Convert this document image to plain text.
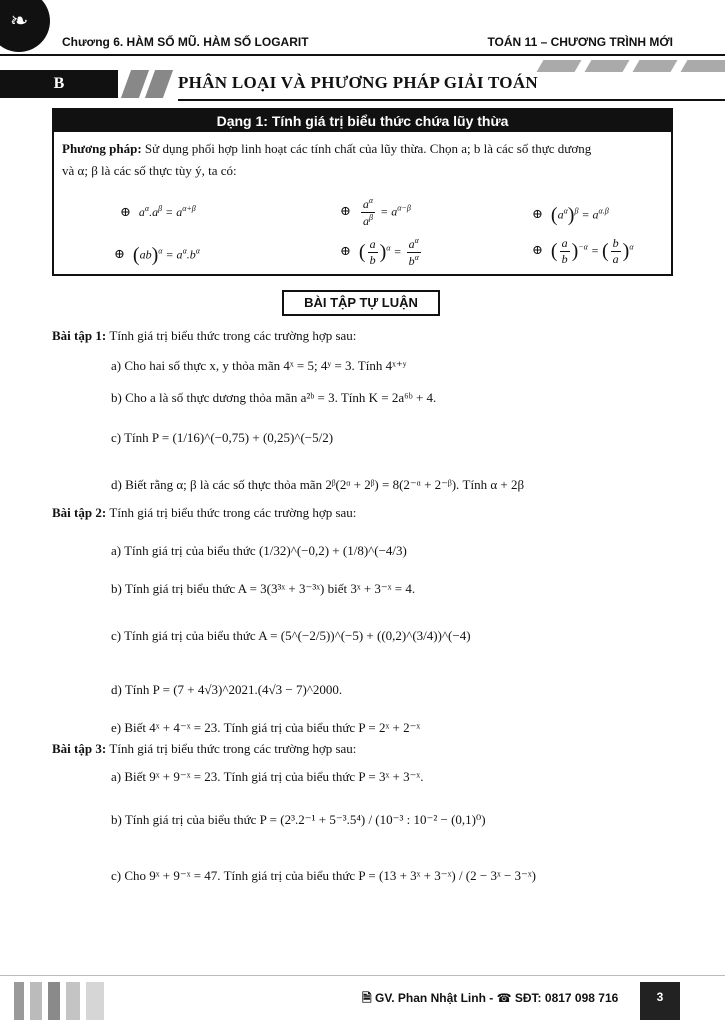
❧
Chương 6. HÀM SỐ MŨ. HÀM SỐ LOGARIT	TOÁN 11 – CHƯƠNG TRÌNH MỚI
B	PHÂN LOẠI VÀ PHƯƠNG PHÁP GIẢI TOÁN
Dạng 1: Tính giá trị biểu thức chứa lũy thừa
Phương pháp: Sử dụng phối hợp linh hoạt các tính chất của lũy thừa. Chọn a; b là các số thực dương
và α; β là các số thực tùy ý, ta có:
⊕ $a^\alpha.a^\beta = a^{\alpha+\beta}$	⊕ $\frac{a^\alpha}{a^\beta} = a^{\alpha-\beta}$	⊕ $(a^\alpha)^\beta = a^{\alpha.\beta}$
⊕ $(ab)^\alpha = a^\alpha.b^\alpha$	⊕ ( $\frac{a}{b} )^\alpha = \frac{a^\alpha}{b^\alpha}$	⊕ ( $\frac{a}{b} )^{-\alpha}$ = ( $\frac{b}{a} )^\alpha$
BÀI TẬP TỰ LUẬN
Bài tập 1: Tính giá trị biểu thức trong các trường hợp sau:
a) Cho hai số thực x, y thỏa mãn 4ˣ = 5; 4ʸ = 3. Tính 4ˣ⁺ʸ
b) Cho a là số thực dương thỏa mãn a²ᵇ = 3. Tính K = 2a⁶ᵇ + 4.
c) Tính P = (1/16)^(−0,75) + (0,25)^(−5/2)
d) Biết rằng α; β là các số thực thỏa mãn 2ᵝ(2ᵅ + 2ᵝ) = 8(2⁻ᵅ + 2⁻ᵝ). Tính α + 2β
Bài tập 2: Tính giá trị biểu thức trong các trường hợp sau:
a) Tính giá trị của biểu thức (1/32)^(−0,2) + (1/8)^(−4/3)
b) Tính giá trị biểu thức A = 3(3³ˣ + 3⁻³ˣ) biết 3ˣ + 3⁻ˣ = 4.
c) Tính giá trị của biểu thức A = (5^(−2/5))^(−5) + ((0,2)^(3/4))^(−4)
d) Tính P = (7 + 4√3)^2021.(4√3 − 7)^2000.
e) Biết 4ˣ + 4⁻ˣ = 23. Tính giá trị của biểu thức P = 2ˣ + 2⁻ˣ
Bài tập 3: Tính giá trị biểu thức trong các trường hợp sau:
a) Biết 9ˣ + 9⁻ˣ = 23. Tính giá trị của biểu thức P = 3ˣ + 3⁻ˣ.
b) Tính giá trị của biểu thức P = (2³.2⁻¹ + 5⁻³.5⁴) / (10⁻³ : 10⁻² − (0,1)⁰)
c) Cho 9ˣ + 9⁻ˣ = 47. Tính giá trị của biểu thức P = (13 + 3ˣ + 3⁻ˣ) / (2 − 3ˣ − 3⁻ˣ)
🗎 GV. Phan Nhật Linh - ☎ SĐT: 0817 098 716	3
